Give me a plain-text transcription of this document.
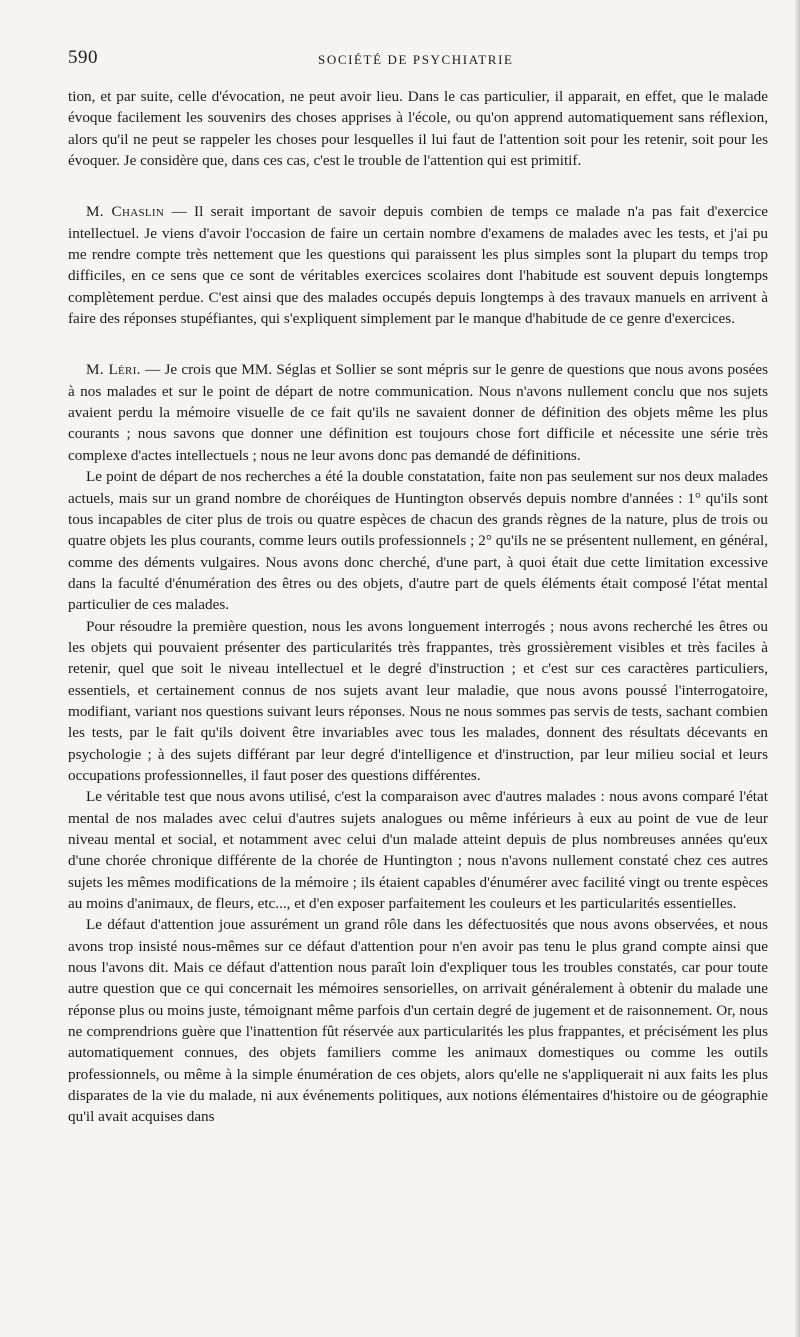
590	SOCIÉTÉ DE PSYCHIATRIE

tion, et par suite, celle d'évocation, ne peut avoir lieu. Dans le cas particulier, il apparait, en effet, que le malade évoque facilement les souvenirs des choses apprises à l'école, ou qu'on apprend automatiquement sans réflexion, alors qu'il ne peut se rappeler les choses pour lesquelles il lui faut de l'attention soit pour les retenir, soit pour les évoquer. Je considère que, dans ces cas, c'est le trouble de l'attention qui est primitif.

M. Chaslin — Il serait important de savoir depuis combien de temps ce malade n'a pas fait d'exercice intellectuel. Je viens d'avoir l'occasion de faire un certain nombre d'examens de malades avec les tests, et j'ai pu me rendre compte très nettement que les questions qui paraissent les plus simples sont la plupart du temps trop difficiles, en ce sens que ce sont de véritables exercices scolaires dont l'habitude est souvent depuis longtemps complètement perdue. C'est ainsi que des malades occupés depuis longtemps à des travaux manuels en arrivent à faire des réponses stupéfiantes, qui s'expliquent simplement par le manque d'habitude de ce genre d'exercices.

M. Léri. — Je crois que MM. Séglas et Sollier se sont mépris sur le genre de questions que nous avons posées à nos malades et sur le point de départ de notre communication. Nous n'avons nullement conclu que nos sujets avaient perdu la mémoire visuelle de ce fait qu'ils ne savaient donner de définition des objets même les plus courants ; nous savons que donner une définition est toujours chose fort difficile et nécessite une série très complexe d'actes intellectuels ; nous ne leur avons donc pas demandé de définitions.

Le point de départ de nos recherches a été la double constatation, faite non pas seulement sur nos deux malades actuels, mais sur un grand nombre de choréiques de Huntington observés depuis nombre d'années : 1° qu'ils sont tous incapables de citer plus de trois ou quatre espèces de chacun des grands règnes de la nature, plus de trois ou quatre objets les plus courants, comme leurs outils professionnels ; 2° qu'ils ne se présentent nullement, en général, comme des déments vulgaires. Nous avons donc cherché, d'une part, à quoi était due cette limitation excessive dans la faculté d'énumération des êtres ou des objets, d'autre part de quels éléments était composé l'état mental particulier de ces malades.

Pour résoudre la première question, nous les avons longuement interrogés ; nous avons recherché les êtres ou les objets qui pouvaient présenter des particularités très frappantes, très grossièrement visibles et très faciles à retenir, quel que soit le niveau intellectuel et le degré d'instruction ; et c'est sur ces caractères particuliers, essentiels, et certainement connus de nos sujets avant leur maladie, que nous avons poussé l'interrogatoire, modifiant, variant nos questions suivant leurs réponses. Nous ne nous sommes pas servis de tests, sachant combien les tests, par le fait qu'ils doivent être invariables avec tous les malades, donnent des résultats décevants en psychologie ; à des sujets différant par leur degré d'intelligence et d'instruction, par leur milieu social et leurs occupations professionnelles, il faut poser des questions différentes.

Le véritable test que nous avons utilisé, c'est la comparaison avec d'autres malades : nous avons comparé l'état mental de nos malades avec celui d'autres sujets analogues ou même inférieurs à eux au point de vue de leur niveau mental et social, et notamment avec celui d'un malade atteint depuis de plus nombreuses années qu'eux d'une chorée chronique différente de la chorée de Huntington ; nous n'avons nullement constaté chez ces autres sujets les mêmes modifications de la mémoire ; ils étaient capables d'énumérer avec facilité vingt ou trente espèces au moins d'animaux, de fleurs, etc..., et d'en exposer parfaitement les couleurs et les particularités essentielles.

Le défaut d'attention joue assurément un grand rôle dans les défectuosités que nous avons observées, et nous avons trop insisté nous-mêmes sur ce défaut d'attention pour n'en avoir pas tenu le plus grand compte ainsi que nous l'avons dit. Mais ce défaut d'attention nous paraît loin d'expliquer tous les troubles constatés, car pour toute autre question que ce qui concernait les mémoires sensorielles, on arrivait généralement à obtenir du malade une réponse plus ou moins juste, témoignant même parfois d'un certain degré de jugement et de raisonnement. Or, nous ne comprendrions guère que l'inattention fût réservée aux particularités les plus frappantes, et précisément les plus automatiquement connues, des objets familiers comme les animaux domestiques ou comme les outils professionnels, ou même à la simple énumération de ces objets, alors qu'elle ne s'appliquerait ni aux faits les plus disparates de la vie du malade, ni aux événements politiques, aux notions élémentaires d'histoire ou de géographie qu'il avait acquises dans
